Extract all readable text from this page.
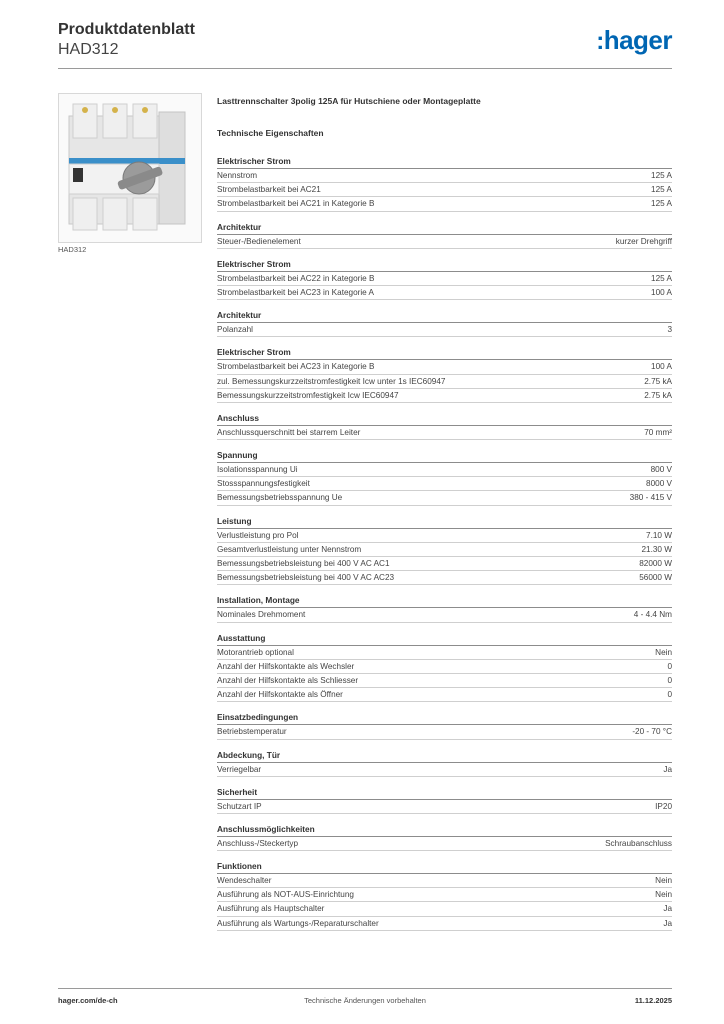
Produktdatenblatt
HAD312	:hager
HAD312
Lasttrennschalter 3polig 125A für Hutschiene oder Montageplatte
Technische Eigenschaften
Elektrischer Strom
Nennstrom	125 A
Strombelastbarkeit bei AC21	125 A
Strombelastbarkeit bei AC21 in Kategorie B	125 A
Architektur
Steuer-/Bedienelement	kurzer Drehgriff
Elektrischer Strom
Strombelastbarkeit bei AC22 in Kategorie B	125 A
Strombelastbarkeit bei AC23 in Kategorie A	100 A
Architektur
Polanzahl	3
Elektrischer Strom
Strombelastbarkeit bei AC23 in Kategorie B	100 A
zul. Bemessungskurzzeitstromfestigkeit Icw unter 1s IEC60947	2.75 kA
Bemessungskurzzeitstromfestigkeit Icw IEC60947	2.75 kA
Anschluss
Anschlussquerschnitt bei starrem Leiter	70 mm²
Spannung
Isolationsspannung Ui	800 V
Stossspannungsfestigkeit	8000 V
Bemessungsbetriebsspannung Ue	380 - 415 V
Leistung
Verlustleistung pro Pol	7.10 W
Gesamtverlustleistung unter Nennstrom	21.30 W
Bemessungsbetriebsleistung bei 400 V AC AC1	82000 W
Bemessungsbetriebsleistung bei 400 V AC AC23	56000 W
Installation, Montage
Nominales Drehmoment	4 - 4.4 Nm
Ausstattung
Motorantrieb optional	Nein
Anzahl der Hilfskontakte als Wechsler	0
Anzahl der Hilfskontakte als Schliesser	0
Anzahl der Hilfskontakte als Öffner	0
Einsatzbedingungen
Betriebstemperatur	-20 - 70 °C
Abdeckung, Tür
Verriegelbar	Ja
Sicherheit
Schutzart IP	IP20
Anschlussmöglichkeiten
Anschluss-/Steckertyp	Schraubanschluss
Funktionen
Wendeschalter	Nein
Ausführung als NOT-AUS-Einrichtung	Nein
Ausführung als Hauptschalter	Ja
Ausführung als Wartungs-/Reparaturschalter	Ja
hager.com/de-ch	Technische Änderungen vorbehalten	11.12.2025
